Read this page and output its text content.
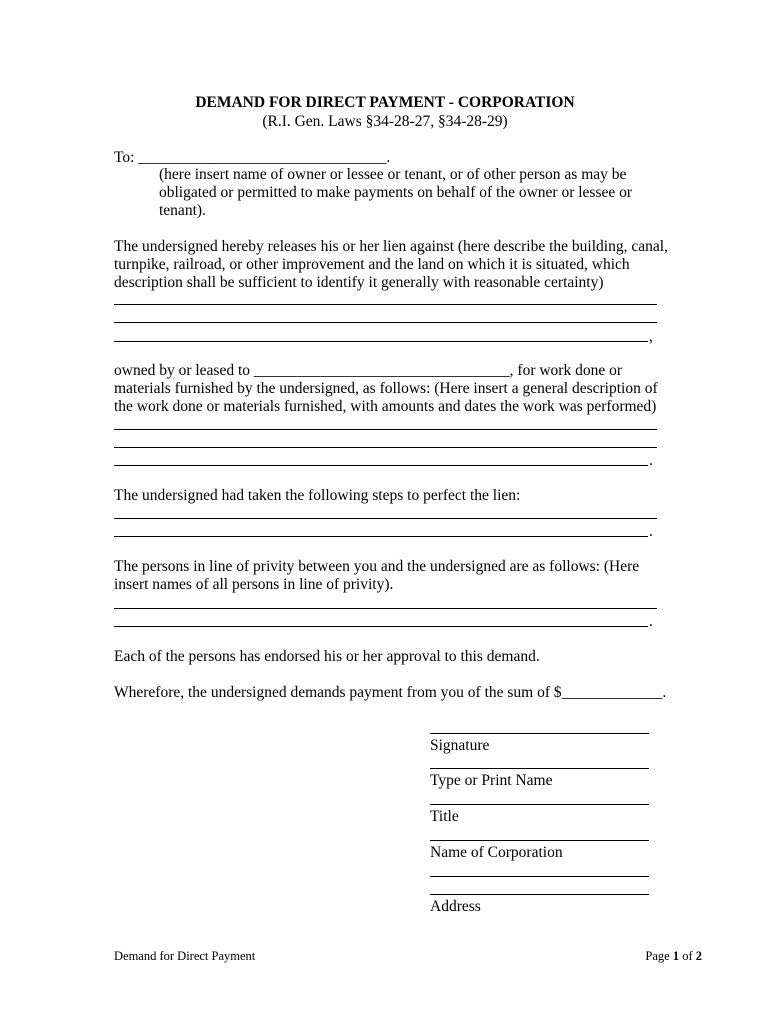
DEMAND FOR DIRECT PAYMENT - CORPORATION
(R.I. Gen. Laws §34-28-27, §34-28-29)
To: ________________________________.
(here insert name of owner or lessee or tenant, or of other person as may be
obligated or permitted to make payments on behalf of the owner or lessee or
tenant).
The undersigned hereby releases his or her lien against (here describe the building, canal,
turnpike, railroad, or other improvement and the land on which it is situated, which
description shall be sufficient to identify it generally with reasonable certainty)
,
owned by or leased to _________________________________, for work done or
materials furnished by the undersigned, as follows: (Here insert a general description of
the work done or materials furnished, with amounts and dates the work was performed)
.
The undersigned had taken the following steps to perfect the lien:
.
The persons in line of privity between you and the undersigned are as follows: (Here
insert names of all persons in line of privity).
.
Each of the persons has endorsed his or her approval to this demand.
Wherefore, the undersigned demands payment from you of the sum of $_____________.
Signature
Type or Print Name
Title
Name of Corporation
Address
Demand for Direct Payment	Page 1 of 2
